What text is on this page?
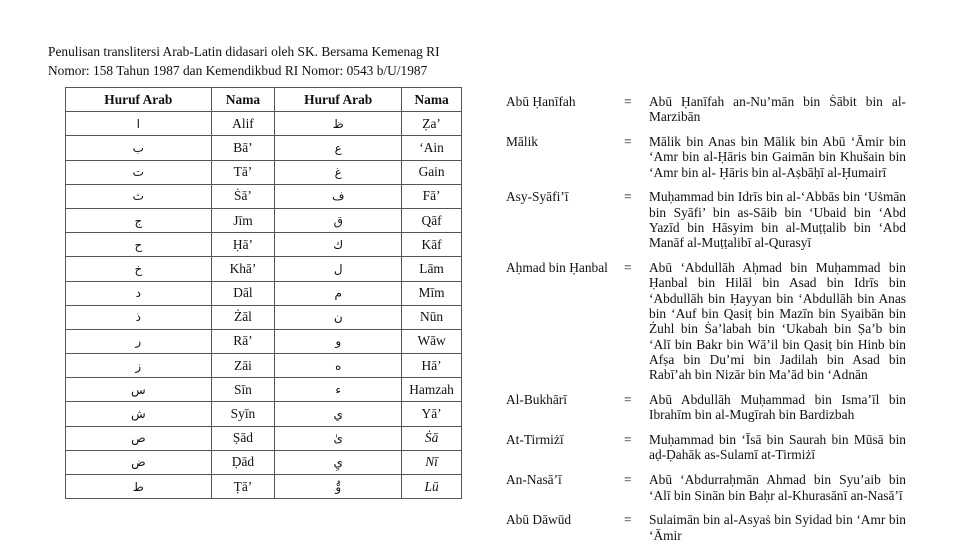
Penulisan translitersi Arab-Latin didasari oleh SK. Bersama Kemenag RI
Nomor: 158 Tahun 1987 dan Kemendikbud RI Nomor: 0543 b/U/1987
Huruf Arab	Nama	Huruf Arab	Nama
ا	Alif	ظ	Ẓa’
ب	Bā’	ع	‘Ain
ت	Tā’	غ	Gain
ث	Ṡā’	ف	Fā’
ج	Jīm	ق	Qāf
ح	Ḥā’	ك	Kāf
خ	Khā’	ل	Lām
د	Dāl	م	Mīm
ذ	Żāl	ن	Nūn
ر	Rā’	و	Wāw
ز	Zāi	ه	Hā’
س	Sīn	ء	Hamzah
ش	Syīn	ي	Yā’
ص	Ṣād	ىٰ	Ṡā
ض	Ḍād	يِ	Nī
ط	Ṭā’	ُوْ	Lū
Abū Ḥanīfah	=	Abū Ḥanīfah an-Nu’mān bin Ṡābit bin al-Marzibān
Mālik	=	Mālik bin Anas bin Mālik bin Abū ‘Āmir bin ‘Amr bin al-Ḥāris bin Gaimān bin Khušain bin ‘Amr bin al- Ḥāris bin al-Aṣbāḥī al-Ḥumairī
Asy-Syāfi’ī	=	Muḥammad bin Idrīs bin al-‘Abbās bin ‘Uṡmān bin Syāfi’ bin as-Sāib bin ‘Ubaid bin ‘Abd Yazīd bin Hāsyim bin al-Muṭṭalib bin ‘Abd Manāf al-Muṭṭalibī al-Qurasyī
Aḥmad bin Ḥanbal	=	Abū ‘Abdullāh Aḥmad bin Muḥammad bin Ḥanbal bin Hilāl bin Asad bin Idrīs bin ‘Abdullāh bin Ḥayyan bin ‘Abdullāh bin Anas bin ‘Auf bin Qasiṭ bin Mazīn bin Syaibān bin Żuhl bin Ṡa’labah bin ‘Ukabah bin Ṣa’b bin ‘Alī bin Bakr bin Wā’il bin Qasiṭ bin Hinb bin Afṣa bin Du’mi bin Jadilah bin Asad bin Rabī’ah bin Nizār bin Ma’ād bin ‘Adnān
Al-Bukhārī	=	Abū Abdullāh Muḥammad bin Isma’īl bin Ibrahīm bin al-Mugīrah bin Bardizbah
At-Tirmiżī	=	Muḥammad bin ‘Īsā bin Saurah bin Mūsā bin aḍ-Ḍahāk as-Sulamī at-Tirmiżī
An-Nasā’ī	=	Abū ‘Abdurraḥmān Ahmad bin Syu’aib bin ‘Alī bin Sinān bin Baḥr al-Khurasānī an-Nasā’ī
Abū Dāwūd	=	Sulaimān bin al-Asyaṡ bin Syidad bin ‘Amr bin ‘Āmir
